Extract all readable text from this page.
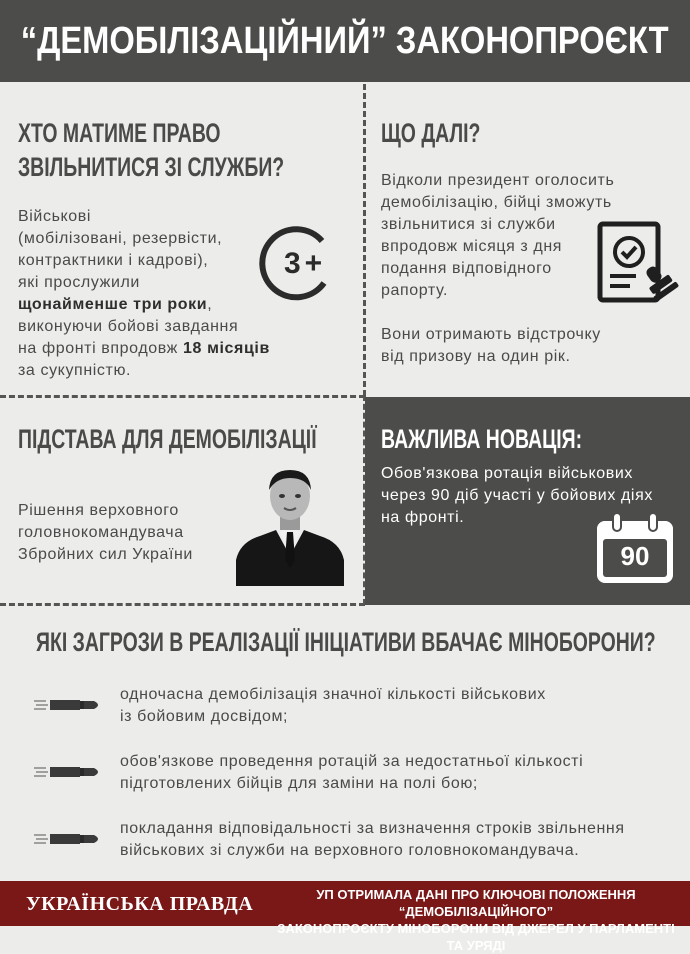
“ДЕМОБІЛІЗАЦІЙНИЙ” ЗАКОНОПРОЄКТ
ХТО МАТИМЕ ПРАВО
ЗВІЛЬНИТИСЯ ЗІ СЛУЖБИ?
Військові
(мобілізовані, резервісти,
контрактники і кадрові),
які прослужили
щонайменше три роки,
виконуючи бойові завдання
на фронті впродовж 18 місяців
за сукупністю.
3+
ЩО ДАЛІ?
Відколи президент оголосить
демобілізацію, бійці зможуть
звільнитися зі служби
впродовж місяця з дня
подання відповідного
рапорту.
Вони отримають відстрочку
від призову на один рік.
ПІДСТАВА ДЛЯ ДЕМОБІЛІЗАЦІЇ
Рішення верховного
головнокомандувача
Збройних сил України
ВАЖЛИВА НОВАЦІЯ:
Обов'язкова ротація військових
через 90 діб участі у бойових діях
на фронті.
90
ЯКІ ЗАГРОЗИ В РЕАЛІЗАЦІЇ ІНІЦІАТИВИ ВБАЧАЄ МІНОБОРОНИ?
одночасна демобілізація значної кількості військових
із бойовим досвідом;
обов'язкове проведення ротацій за недостатньої кількості
підготовлених бійців для заміни на полі бою;
покладання відповідальності за визначення строків звільнення
військових зі служби на верховного головнокомандувача.
УКРАЇНСЬКА ПРАВДА	УП ОТРИМАЛА ДАНІ ПРО КЛЮЧОВІ ПОЛОЖЕННЯ “ДЕМОБІЛІЗАЦІЙНОГО”
ЗАКОНОПРОЄКТУ МІНОБОРОНИ ВІД ДЖЕРЕЛ У ПАРЛАМЕНТІ ТА УРЯДІ
